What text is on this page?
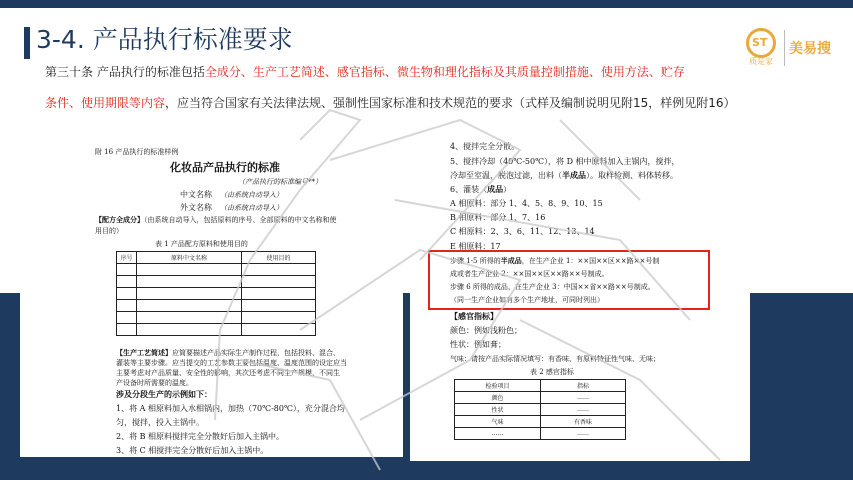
3-4. 产品执行标准要求	ST
质是家
美易搜
第三十条 产品执行的标准包括全成分、生产工艺简述、感官指标、微生物和理化指标及其质量控制措施、使用方法、贮存
条件、使用期限等内容，应当符合国家有关法律法规、强制性国家标准和技术规范的要求（式样及编制说明见附15，样例见附16）
附 16 产品执行的标准样例
化妆品产品执行的标准
（产品执行的标准编号**）
中文名称 （由系统自动导入）
外文名称 （由系统自动导入）
【配方全成分】（由系统自动导入，包括原料的序号、全部原料的中文名称和使
用目的）
表 1 产品配方原料和使用目的
序号	原料中文名称	使用目的

【生产工艺简述】应简要描述产品实际生产制作过程，包括投料、混合、
灌装等主要步骤。应当提交的工艺参数主要包括温度、温度范围的设定应当
主要考虑对产品质量、安全性的影响，其次还考虑不同生产规模，不同生
产设备时所需要的温度。
涉及分段生产的示例如下：
1、将 A 相原料加入水相锅内，加热（70℃-80℃），充分混合均
匀，搅拌，投入主锅中。
2、将 B 相原料搅拌完全分散好后加入主锅中。
3、将 C 相搅拌完全分散好后加入主锅中。
4、搅拌完全分散。
5、搅拌冷却（40℃-50℃），将 D 相中原料加入主锅内，搅拌，
冷却至室温，脱泡过滤，出料（半成品）。取样检测、料体转移。
6、灌装（成品）
A 相原料：部分 1、4、5、8、9、10、15
B 相原料：部分 1、7、16
C 相原料：2、3、6、11、12、13、14
E 相原料：17
步骤 1-5 所得的半成品，在生产企业 1：××国××区××路××号制
成或者生产企业 2：××国××区××路××号制成。
步骤 6 所得的成品，在生产企业 3：中国××省××路××号制成。
（同一生产企业如有多个生产地址，可同时列出）
【感官指标】
颜色：例如浅粉色；
性状：例如膏；
气味：请按产品实际情况填写：有香味、有原料特征性气味、无味；
表 2 感官指标
检验项目	指标
颜色	……
性状	……
气味	有香味
……	……
